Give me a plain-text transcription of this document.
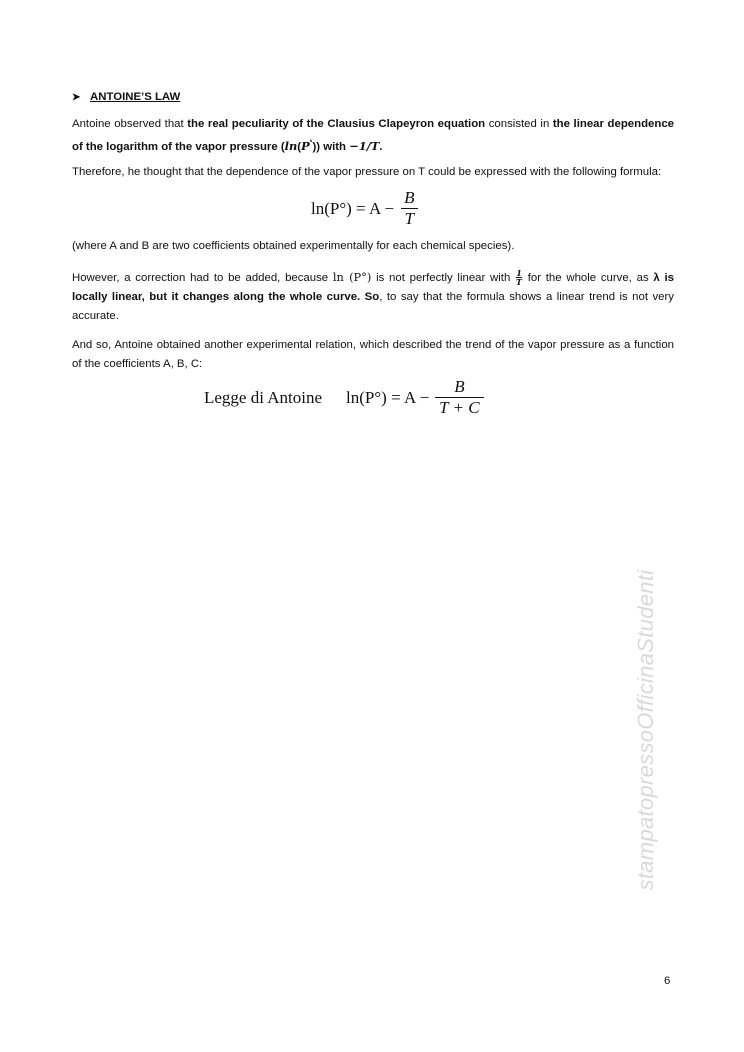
➤ ANTOINE’S LAW
Antoine observed that the real peculiarity of the Clausius Clapeyron equation consisted in the linear dependence of the logarithm of the vapor pressure (ln(P°)) with −1/T.
Therefore, he thought that the dependence of the vapor pressure on T could be expressed with the following formula:
$\ln(P^\circ) = A - \frac{B}{T}$
(where A and B are two coefficients obtained experimentally for each chemical species).
However, a correction had to be added, because ln (P°) is not perfectly linear with $\frac{1}{T}$ for the whole curve, as λ is locally linear, but it changes along the whole curve. So, to say that the formula shows a linear trend is not very accurate.
And so, Antoine obtained another experimental relation, which described the trend of the vapor pressure as a function of the coefficients A, B, C:
Legge di Antoine $\ln(P^\circ) = A - \frac{B}{T + C}$
stampatopressoOfficinaStudenti
6
